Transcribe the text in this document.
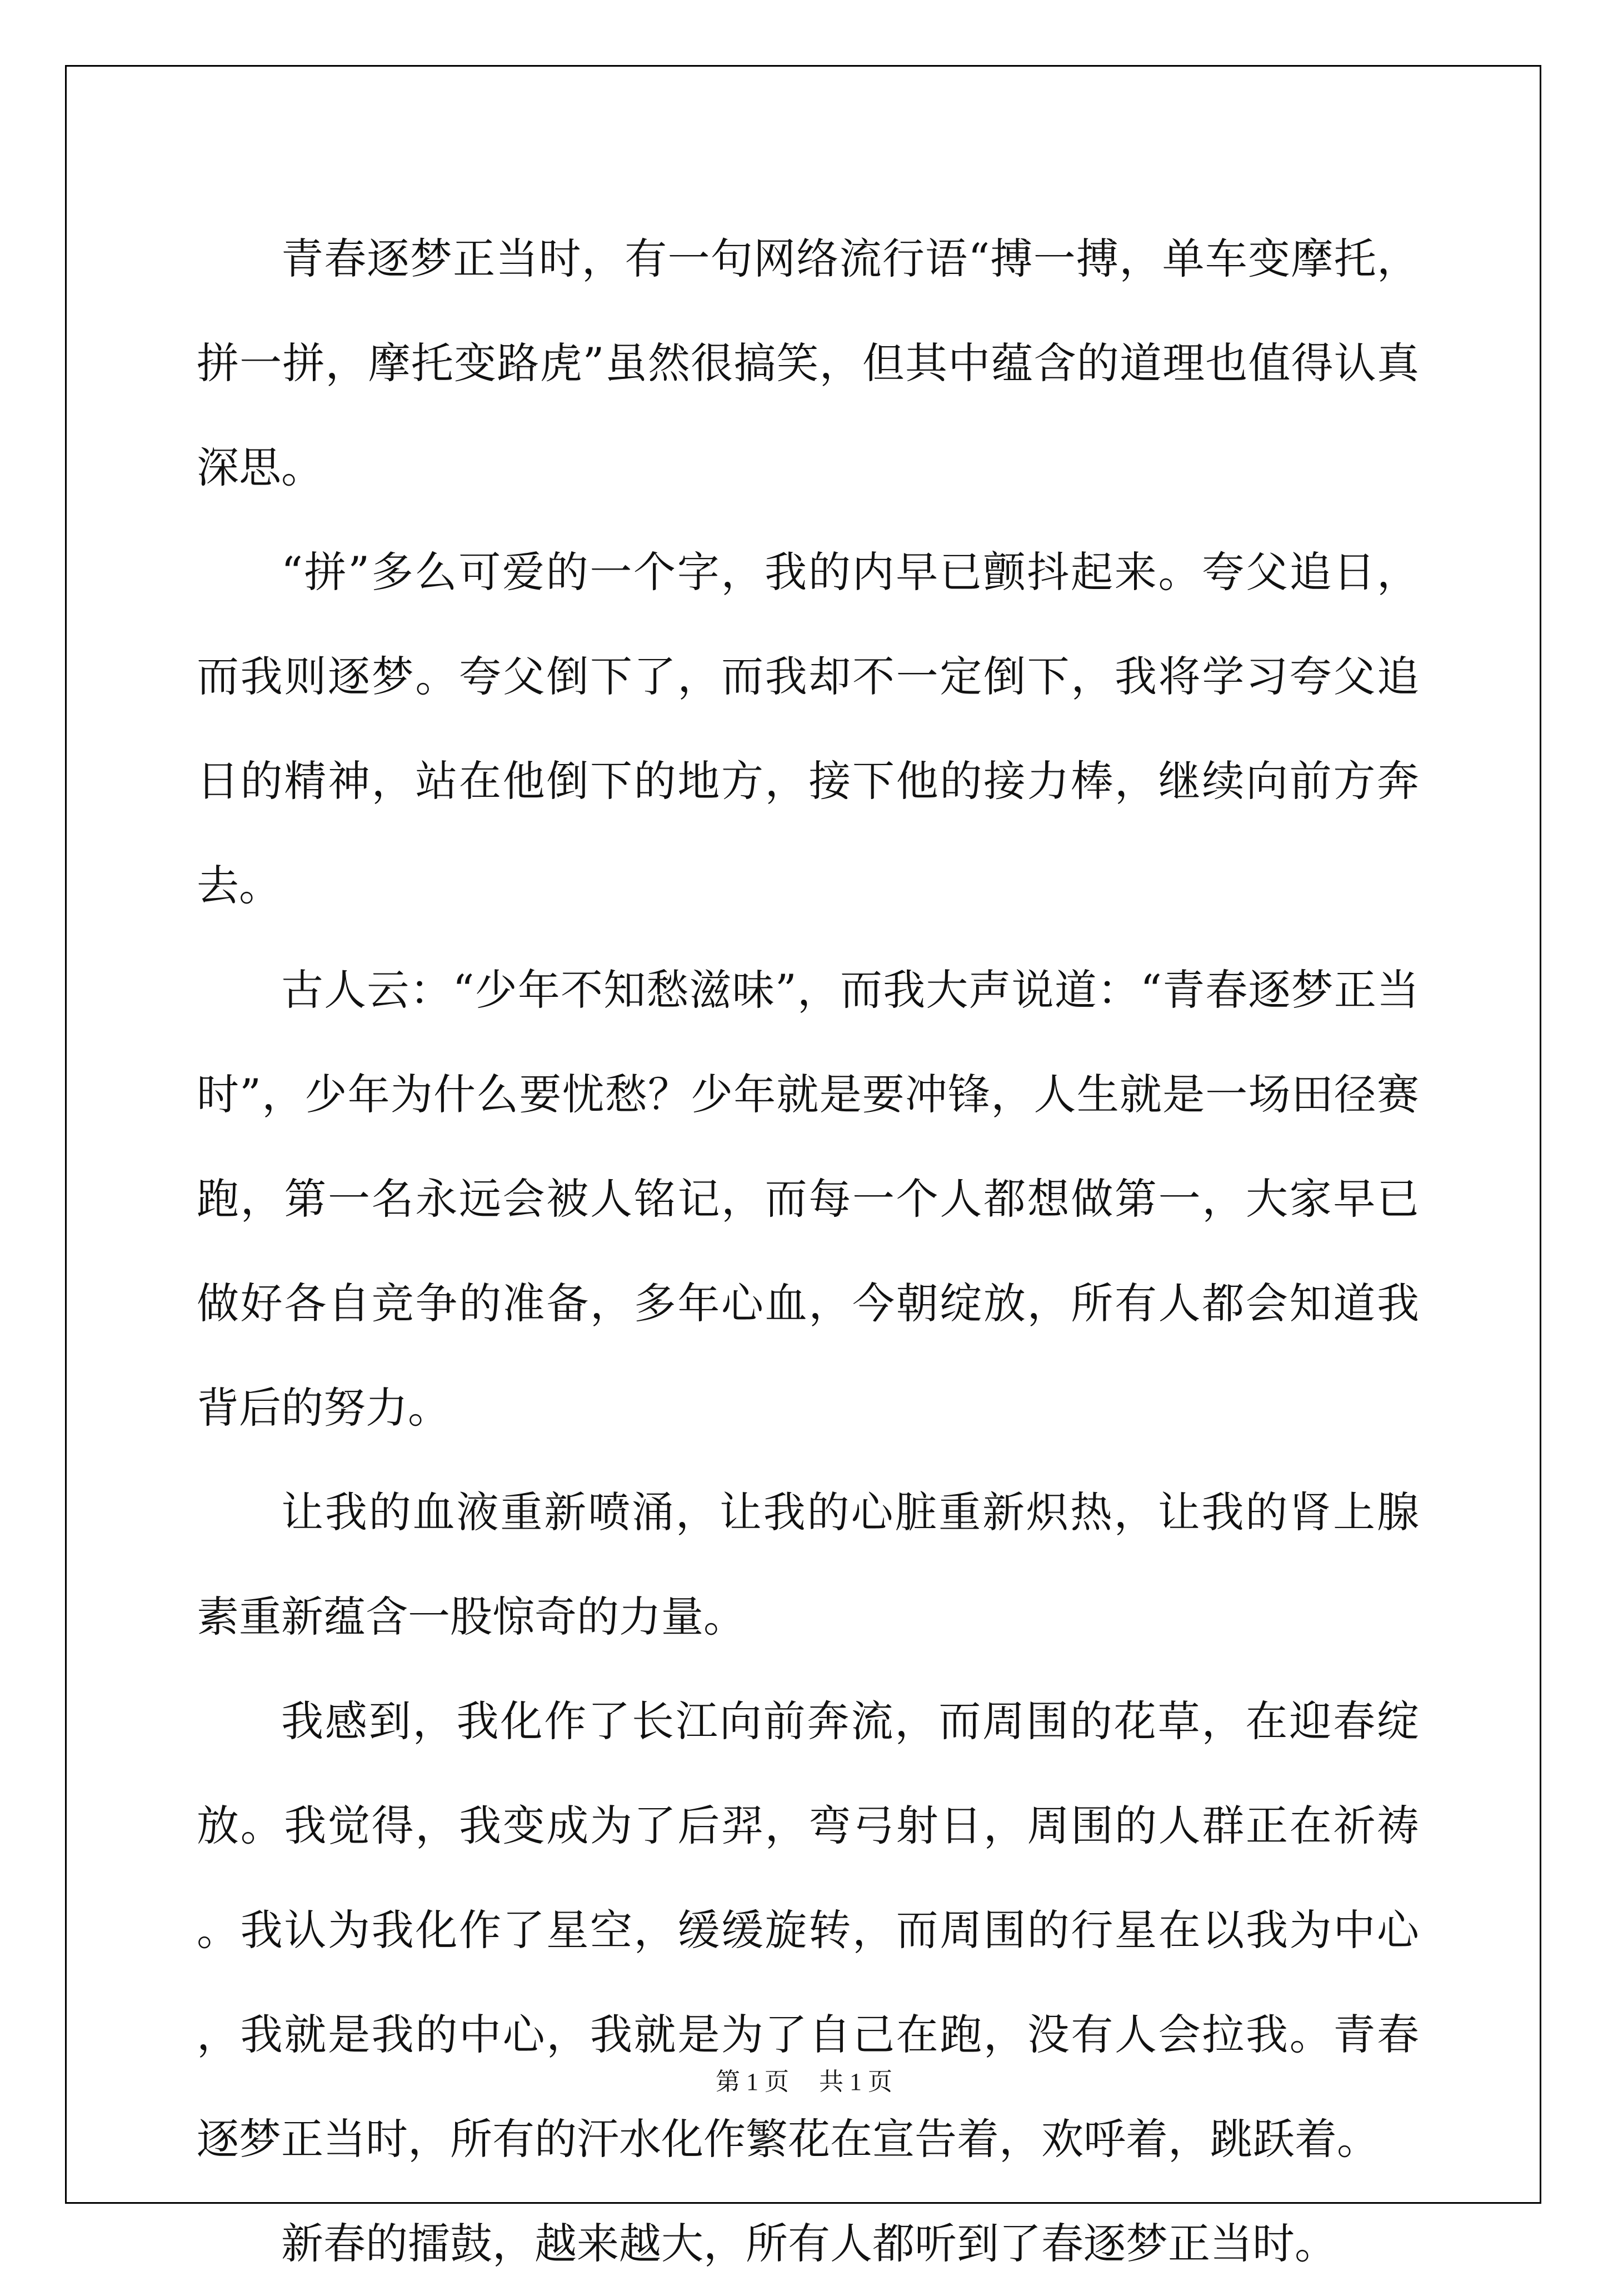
青春逐梦正当时，有一句网络流行语“搏一搏，单车变摩托，拼一拼，摩托变路虎”虽然很搞笑，但其中蕴含的道理也值得认真深思。

“拼”多么可爱的一个字，我的内早已颤抖起来。夸父追日，而我则逐梦。夸父倒下了，而我却不一定倒下，我将学习夸父追日的精神，站在他倒下的地方，接下他的接力棒，继续向前方奔去。

古人云：“少年不知愁滋味”，而我大声说道：“青春逐梦正当时”，少年为什么要忧愁？少年就是要冲锋，人生就是一场田径赛跑，第一名永远会被人铭记，而每一个人都想做第一，大家早已做好各自竞争的准备，多年心血，今朝绽放，所有人都会知道我背后的努力。

让我的血液重新喷涌，让我的心脏重新炽热，让我的肾上腺素重新蕴含一股惊奇的力量。

我感到，我化作了长江向前奔流，而周围的花草，在迎春绽放。我觉得，我变成为了后羿，弯弓射日，周围的人群正在祈祷。我认为我化作了星空，缓缓旋转，而周围的行星在以我为中心，我就是我的中心，我就是为了自己在跑，没有人会拉我。青春逐梦正当时，所有的汗水化作繁花在宣告着，欢呼着，跳跃着。

新春的擂鼓，越来越大，所有人都听到了春逐梦正当时。

第 1 页 共 1 页
